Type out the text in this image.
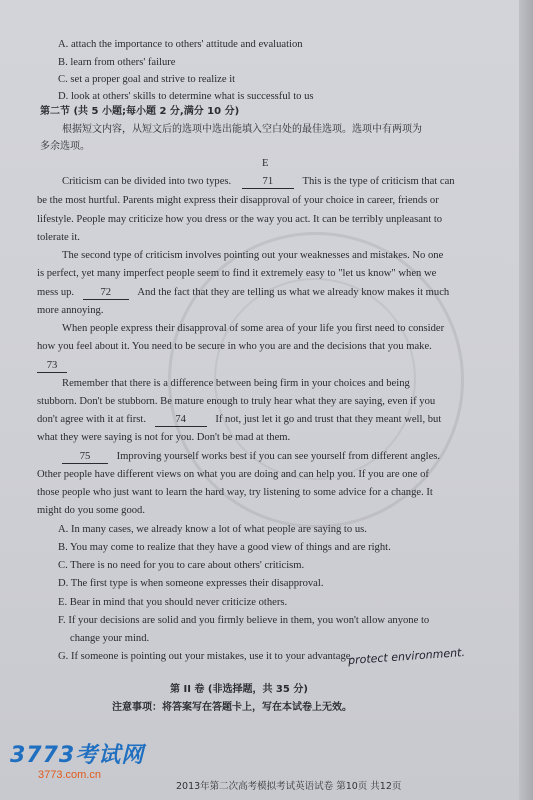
A. attach the importance to others' attitude and evaluation
B. learn from others' failure
C. set a proper goal and strive to realize it
D. look at others' skills to determine what is successful to us
第二节 (共 5 小题;每小题 2 分,满分 10 分)
根据短文内容，从短文后的选项中选出能填入空白处的最佳选项。选项中有两项为
多余选项。
E
Criticism can be divided into two types.	71	This is the type of criticism that can
be the most hurtful. Parents might express their disapproval of your choice in career, friends or
lifestyle. People may criticize how you dress or the way you act. It can be terribly unpleasant to
tolerate it.
The second type of criticism involves pointing out your weaknesses and mistakes. No one
is perfect, yet many imperfect people seem to find it extremely easy to "let us know" when we
mess up. 72 And the fact that they are telling us what we already know makes it much
more annoying.
When people express their disapproval of some area of your life you first need to consider
how you feel about it. You need to be secure in who you are and the decisions that you make.
73
Remember that there is a difference between being firm in your choices and being
stubborn. Don't be stubborn. Be mature enough to truly hear what they are saying, even if you
don't agree with it at first.	74	If not, just let it go and trust that they meant well, but
what they were saying is not for you. Don't be mad at them.
75 Improving yourself works best if you can see yourself from different angles.
Other people have different views on what you are doing and can help you. If you are one of
those people who just want to learn the hard way, try listening to some advice for a change. It
might do you some good.
A. In many cases, we already know a lot of what people are saying to us.
B. You may come to realize that they have a good view of things and are right.
C. There is no need for you to care about others' criticism.
D. The first type is when someone expresses their disapproval.
E. Bear in mind that you should never criticize others.
F. If your decisions are solid and you firmly believe in them, you won't allow anyone to
change your mind.
G. If someone is pointing out your mistakes, use it to your advantage.
protect environment.
第 II 卷 (非选择题，共 35 分)
注意事项：将答案写在答题卡上，写在本试卷上无效。
3773考试网
3773.com.cn
2013年第二次高考模拟考试英语试卷 第10页 共12页
